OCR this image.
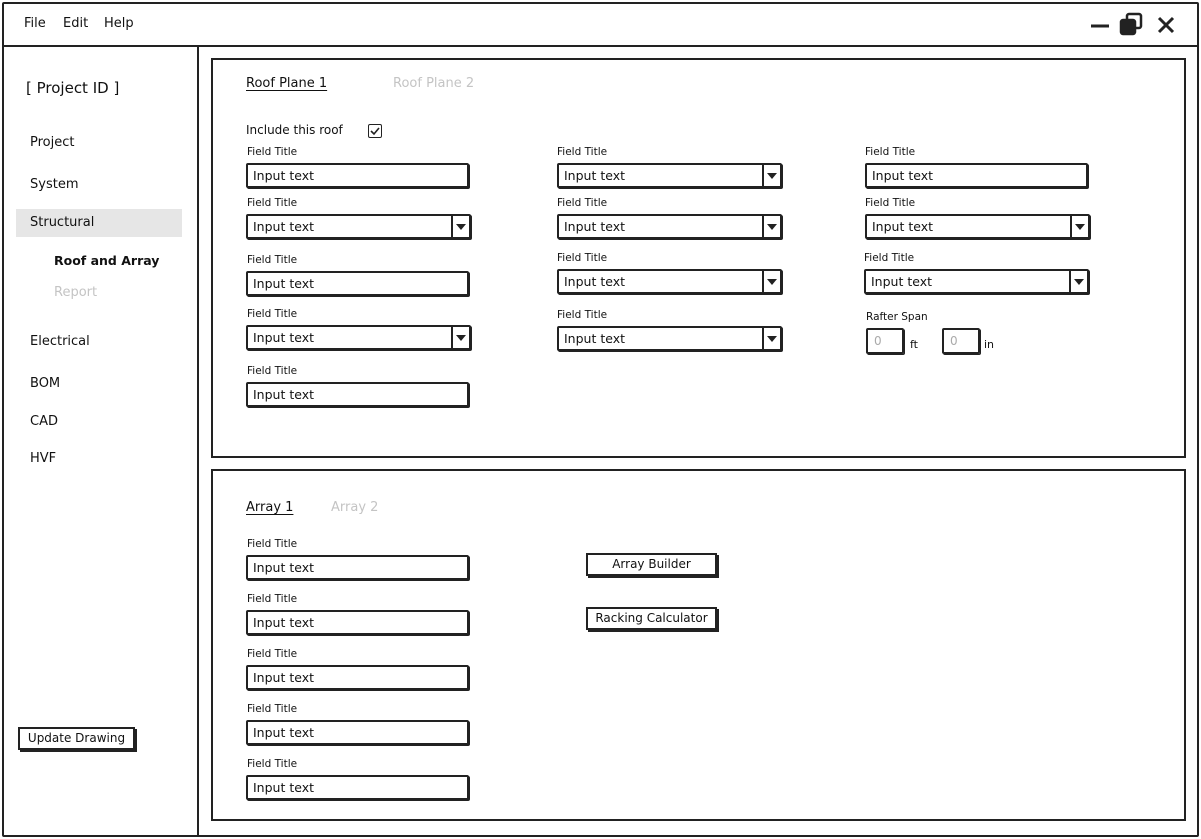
File Edit Help
[ Project ID ]
Project
System
Structural
Roof and Array
Report
Electrical
BOM
CAD
HVF
Update Drawing
Roof Plane 1	Roof Plane 2
Include this roof
Field Title
Input text
Field Title
Input text
Field Title
Input text
Field Title
Input text
Field Title
Input text
Field Title
Input text
Field Title
Input text
Field Title
Input text
Field Title
Input text
Field Title
Input text
Field Title
Input text
Field Title
Input text
Rafter Span
0	ft	0	in
Array 1	Array 2
Field Title
Input text
Field Title
Input text
Field Title
Input text
Field Title
Input text
Field Title
Input text
Array Builder
Racking Calculator
